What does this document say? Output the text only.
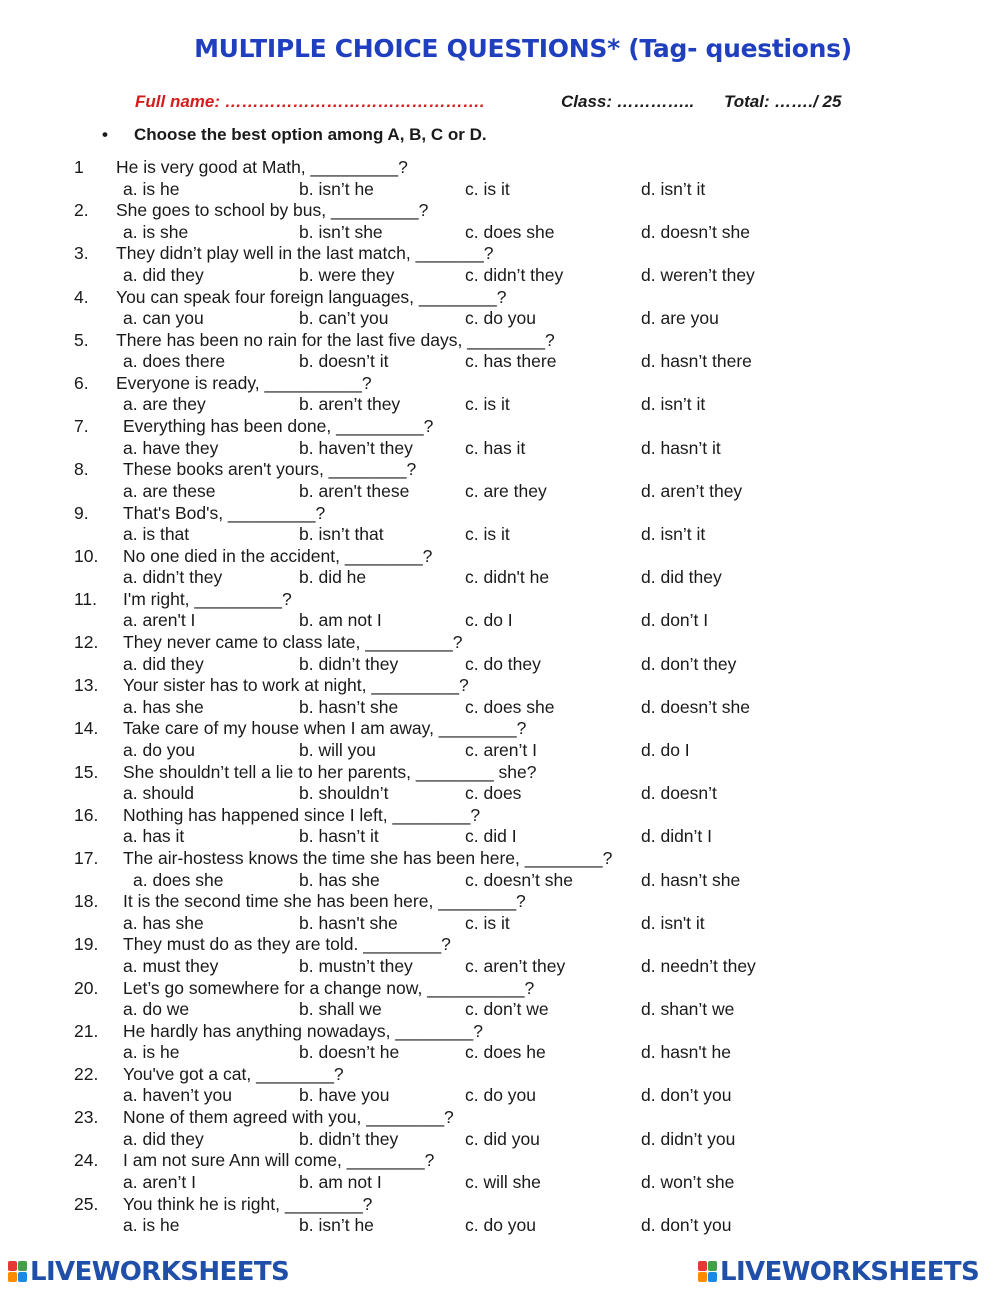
MULTIPLE CHOICE QUESTIONS* (Tag- questions)
Full name: ……………………………………….	Class: ………….. Total: ……./ 25
• Choose the best option among A, B, C or D.
1 He is very good at Math, _________?
a. is he	b. isn’t he	c. is it	d. isn’t it
2. She goes to school by bus, _________?
a. is she	b. isn’t she	c. does she	d. doesn’t she
3. They didn’t play well in the last match, _______?
a. did they	b. were they	c. didn’t they	d. weren’t they
4. You can speak four foreign languages, ________?
a. can you	b. can’t you	c. do you	d. are you
5. There has been no rain for the last five days, ________?
a. does there	b. doesn’t it	c. has there	d. hasn’t there
6. Everyone is ready, __________?
a. are they	b. aren’t they	c. is it	d. isn’t it
7. Everything has been done, _________?
a. have they	b. haven’t they	c. has it	d. hasn’t it
8. These books aren't yours, ________?
a. are these	b. aren't these	c. are they	d. aren’t they
9. That's Bod's, _________?
a. is that	b. isn’t that	c. is it	d. isn’t it
10. No one died in the accident, ________?
a. didn’t they	b. did he	c. didn't he	d. did they
11. I'm right, _________?
a. aren't I	b. am not I	c. do I	d. don’t I
12. They never came to class late, _________?
a. did they	b. didn’t they	c. do they	d. don’t they
13. Your sister has to work at night, _________?
a. has she	b. hasn’t she	c. does she	d. doesn’t she
14. Take care of my house when I am away, ________?
a. do you	b. will you	c. aren’t I	d. do I
15. She shouldn’t tell a lie to her parents, ________ she?
a. should	b. shouldn’t	c. does	d. doesn’t
16. Nothing has happened since I left, ________?
a. has it	b. hasn’t it	c. did I	d. didn’t I
17. The air-hostess knows the time she has been here, ________?
a. does she	b. has she	c. doesn’t she	d. hasn’t she
18. It is the second time she has been here, ________?
a. has she	b. hasn't she	c. is it	d. isn't it
19. They must do as they are told. ________?
a. must they	b. mustn’t they	c. aren’t they	d. needn’t they
20. Let’s go somewhere for a change now, __________?
a. do we	b. shall we	c. don’t we	d. shan’t we
21. He hardly has anything nowadays, ________?
a. is he	b. doesn’t he	c. does he	d. hasn't he
22. You've got a cat, ________?
a. haven’t you	b. have you	c. do you	d. don’t you
23. None of them agreed with you, ________?
a. did they	b. didn’t they	c. did you	d. didn’t you
24. I am not sure Ann will come, ________?
a. aren’t I	b. am not I	c. will she	d. won’t she
25. You think he is right, ________?
a. is he	b. isn’t he	c. do you	d. don’t you
LIVEWORKSHEETS	LIVEWORKSHEETS
